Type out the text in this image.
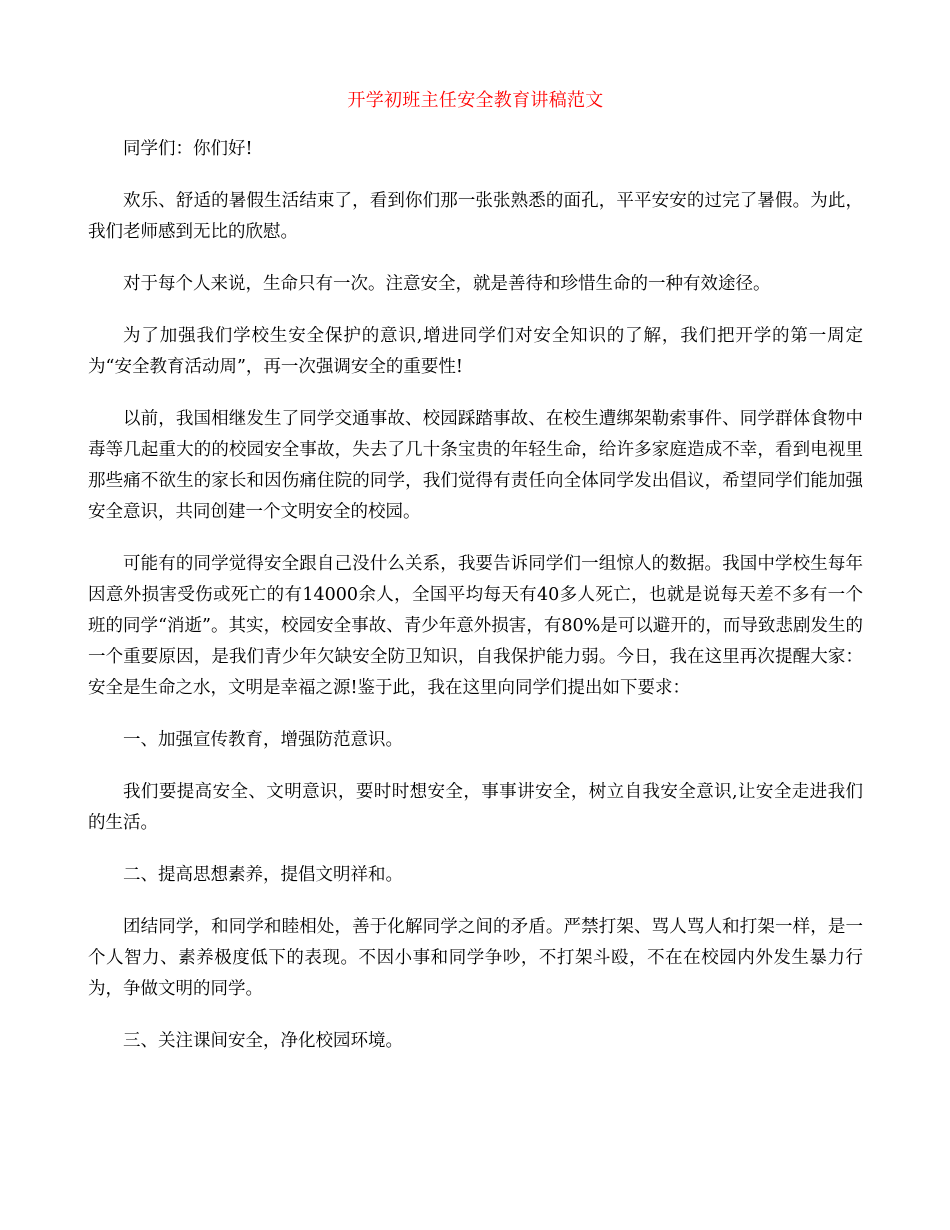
开学初班主任安全教育讲稿范文

同学们：你们好!

欢乐、舒适的暑假生活结束了，看到你们那一张张熟悉的面孔，平平安安的过完了暑假。为此，我们老师感到无比的欣慰。

对于每个人来说，生命只有一次。注意安全，就是善待和珍惜生命的一种有效途径。

为了加强我们学校生安全保护的意识,增进同学们对安全知识的了解，我们把开学的第一周定为“安全教育活动周”，再一次强调安全的重要性!

以前，我国相继发生了同学交通事故、校园踩踏事故、在校生遭绑架勒索事件、同学群体食物中毒等几起重大的的校园安全事故，失去了几十条宝贵的年轻生命，给许多家庭造成不幸，看到电视里那些痛不欲生的家长和因伤痛住院的同学，我们觉得有责任向全体同学发出倡议，希望同学们能加强安全意识，共同创建一个文明安全的校园。

可能有的同学觉得安全跟自己没什么关系，我要告诉同学们一组惊人的数据。我国中学校生每年因意外损害受伤或死亡的有14000余人，全国平均每天有40多人死亡，也就是说每天差不多有一个班的同学“消逝”。其实，校园安全事故、青少年意外损害，有80%是可以避开的，而导致悲剧发生的一个重要原因，是我们青少年欠缺安全防卫知识，自我保护能力弱。今日，我在这里再次提醒大家：安全是生命之水，文明是幸福之源!鉴于此，我在这里向同学们提出如下要求：

一、加强宣传教育，增强防范意识。

我们要提高安全、文明意识，要时时想安全，事事讲安全，树立自我安全意识,让安全走进我们的生活。

二、提高思想素养，提倡文明祥和。

团结同学，和同学和睦相处，善于化解同学之间的矛盾。严禁打架、骂人骂人和打架一样，是一个人智力、素养极度低下的表现。不因小事和同学争吵，不打架斗殴，不在在校园内外发生暴力行为，争做文明的同学。

三、关注课间安全，净化校园环境。
